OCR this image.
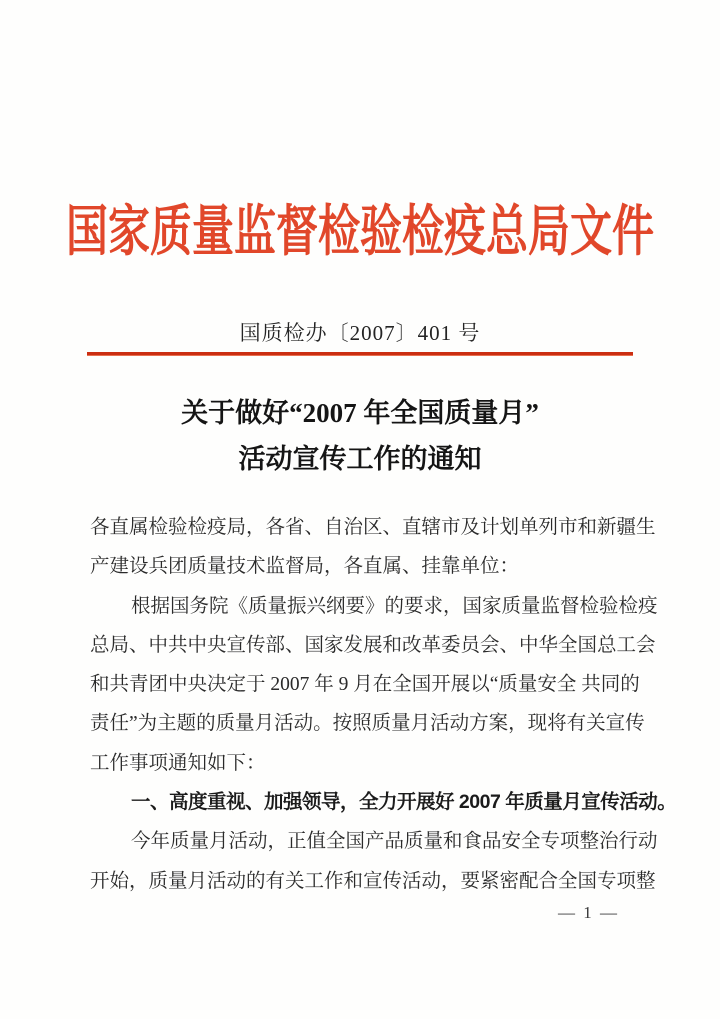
国家质量监督检验检疫总局文件
国质检办〔2007〕401 号
关于做好“2007 年全国质量月”
活动宣传工作的通知
各直属检验检疫局，各省、自治区、直辖市及计划单列市和新疆生
产建设兵团质量技术监督局，各直属、挂靠单位：
根据国务院《质量振兴纲要》的要求，国家质量监督检验检疫
总局、中共中央宣传部、国家发展和改革委员会、中华全国总工会
和共青团中央决定于 2007 年 9 月在全国开展以“质量安全 共同的
责任”为主题的质量月活动。按照质量月活动方案，现将有关宣传
工作事项通知如下：
一、高度重视、加强领导，全力开展好 2007 年质量月宣传活动。
今年质量月活动，正值全国产品质量和食品安全专项整治行动
开始，质量月活动的有关工作和宣传活动，要紧密配合全国专项整
— 1 —
